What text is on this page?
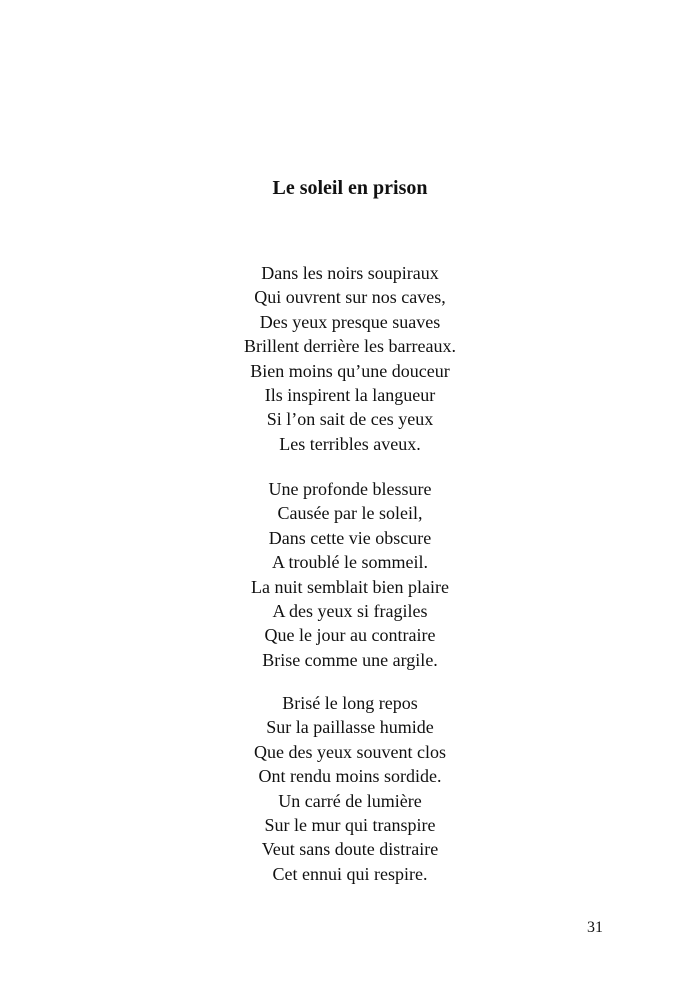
Le soleil en prison
Dans les noirs soupiraux
Qui ouvrent sur nos caves,
Des yeux presque suaves
Brillent derrière les barreaux.
Bien moins qu’une douceur
Ils inspirent la langueur
Si l’on sait de ces yeux
Les terribles aveux.
Une profonde blessure
Causée par le soleil,
Dans cette vie obscure
A troublé le sommeil.
La nuit semblait bien plaire
A des yeux si fragiles
Que le jour au contraire
Brise comme une argile.
Brisé le long repos
Sur la paillasse humide
Que des yeux souvent clos
Ont rendu moins sordide.
Un carré de lumière
Sur le mur qui transpire
Veut sans doute distraire
Cet ennui qui respire.
31
